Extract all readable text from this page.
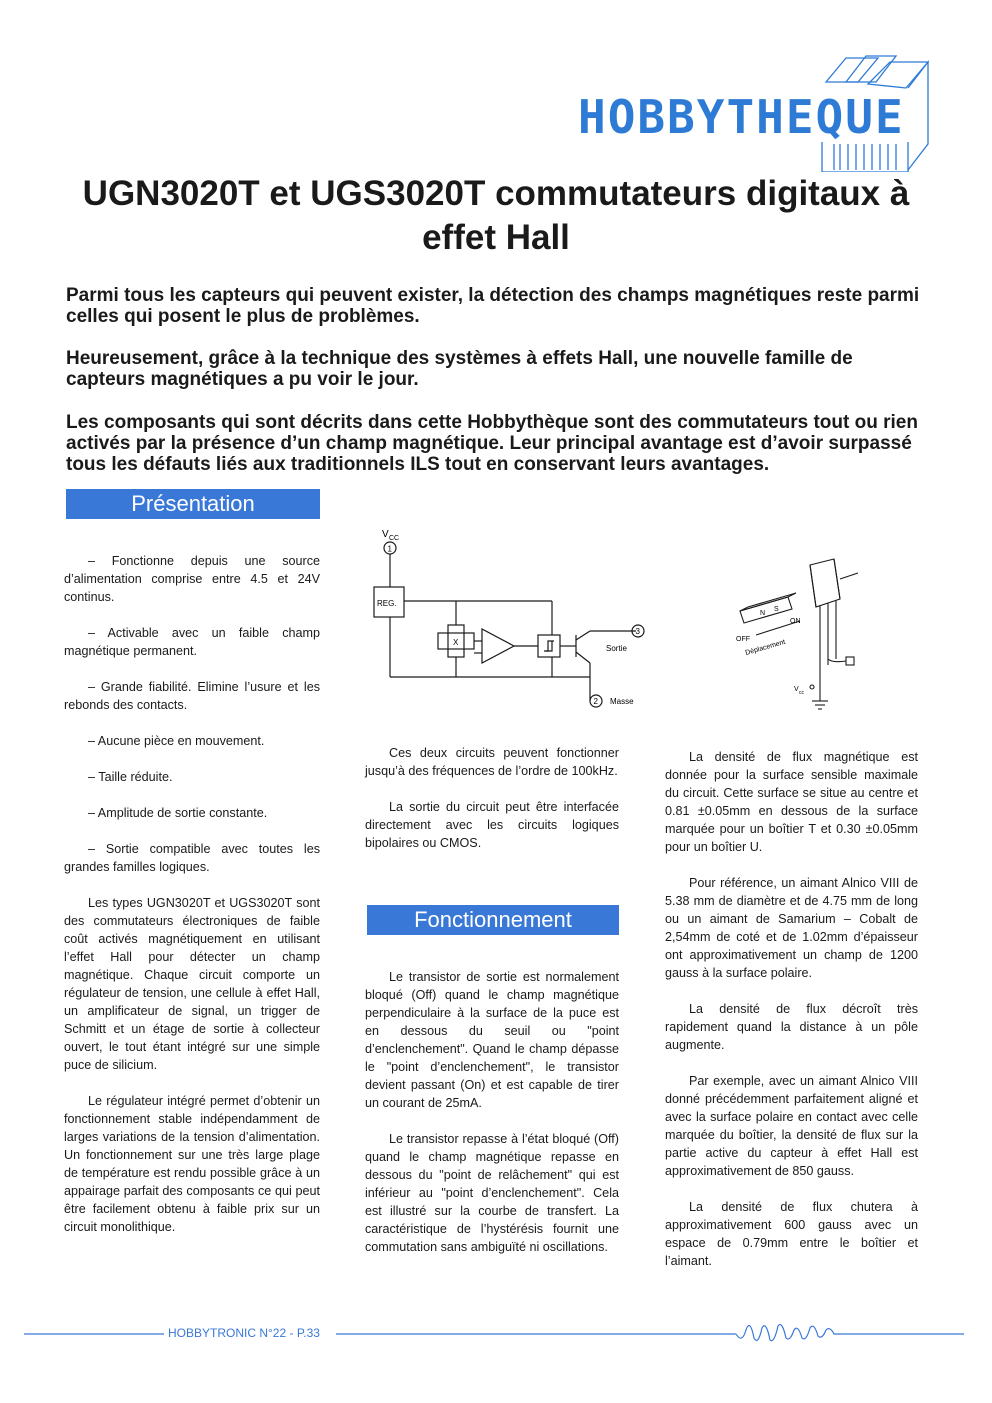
HOBBYTHEQUE
UGN3020T et UGS3020T commutateurs digitaux à effet Hall
Parmi tous les capteurs qui peuvent exister, la détection des champs magnétiques reste parmi celles qui posent le plus de problèmes.
Heureusement, grâce à la technique des systèmes à effets Hall, une nouvelle famille de capteurs magnétiques a pu voir le jour.
Les composants qui sont décrits dans cette Hobbythèque sont des commutateurs tout ou rien activés par la présence d’un champ magnétique. Leur principal avantage est d’avoir surpassé tous les défauts liés aux traditionnels ILS tout en conservant leurs avantages.
Présentation

– Fonctionne depuis une source d’alimentation comprise entre 4.5 et 24V continus.

– Activable avec un faible champ magnétique permanent.

– Grande fiabilité. Elimine l’usure et les rebonds des contacts.

– Aucune pièce en mouvement.

– Taille réduite.

– Amplitude de sortie constante.

– Sortie compatible avec toutes les grandes familles logiques.

Les types UGN3020T et UGS3020T sont des commutateurs électroniques de faible coût activés magnétiquement en utilisant l’effet Hall pour détecter un champ magnétique. Chaque circuit comporte un régulateur de tension, une cellule à effet Hall, un amplificateur de signal, un trigger de Schmitt et un étage de sortie à collecteur ouvert, le tout étant intégré sur une simple puce de silicium.

Le régulateur intégré permet d’obtenir un fonctionnement stable indépendamment de larges variations de la tension d’alimentation. Un fonctionnement sur une très large plage de température est rendu possible grâce à un appairage parfait des composants ce qui peut être facilement obtenu à faible prix sur un circuit monolithique.

V CC
1
REG.
X
3
Sortie
2 Masse
N
S
ON
OFF
Déplacement
V cc

Ces deux circuits peuvent fonctionner jusqu’à des fréquences de l’ordre de 100kHz.

La sortie du circuit peut être interfacée directement avec les circuits logiques bipolaires ou CMOS.

Fonctionnement

Le transistor de sortie est normalement bloqué (Off) quand le champ magnétique perpendiculaire à la surface de la puce est en dessous du seuil ou "point d’enclenchement". Quand le champ dépasse le "point d’enclenchement", le transistor devient passant (On) et est capable de tirer un courant de 25mA.

Le transistor repasse à l’état bloqué (Off) quand le champ magnétique repasse en dessous du "point de relâchement" qui est inférieur au "point d’enclenchement". Cela est illustré sur la courbe de transfert. La caractéristique de l’hystérésis fournit une commutation sans ambiguïté ni oscillations.

La densité de flux magnétique est donnée pour la surface sensible maximale du circuit. Cette surface se situe au centre et 0.81 ±0.05mm en dessous de la surface marquée pour un boîtier T et 0.30 ±0.05mm pour un boîtier U.

Pour référence, un aimant Alnico VIII de 5.38 mm de diamètre et de 4.75 mm de long ou un aimant de Samarium – Cobalt de 2,54mm de coté et de 1.02mm d’épaisseur ont approximativement un champ de 1200 gauss à la surface polaire.

La densité de flux décroît très rapidement quand la distance à un pôle augmente.

Par exemple, avec un aimant Alnico VIII donné précédemment parfaitement aligné et avec la surface polaire en contact avec celle marquée du boîtier, la densité de flux sur la partie active du capteur à effet Hall est approximativement de 850 gauss.

La densité de flux chutera à approximativement 600 gauss avec un espace de 0.79mm entre le boîtier et l’aimant.

HOBBYTRONIC N°22 - P.33
